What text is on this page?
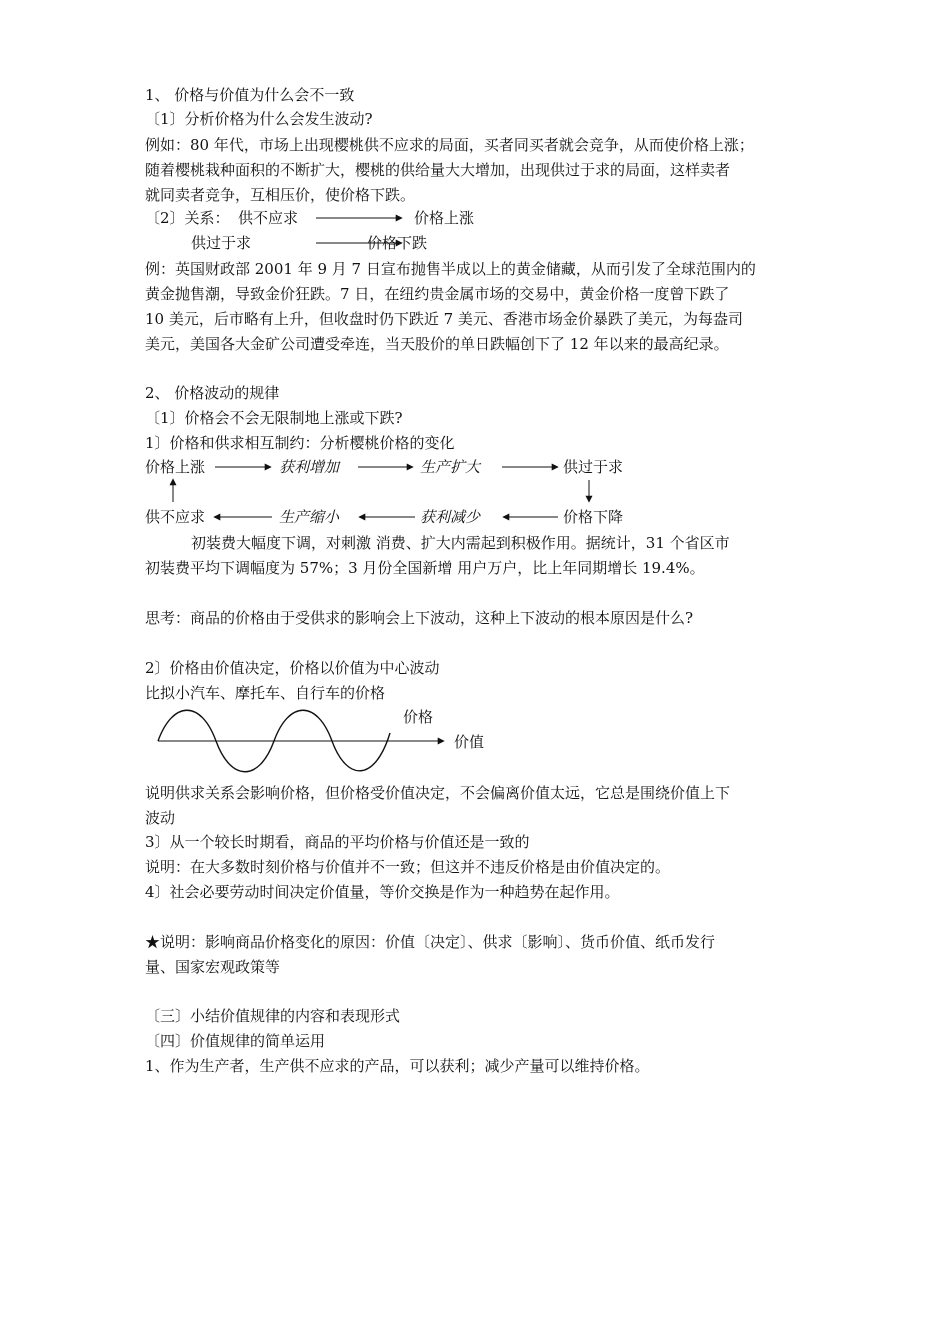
1、 价格与价值为什么会不一致

〔1〕分析价格为什么会发生波动?

例如：80 年代，市场上出现樱桃供不应求的局面，买者同买者就会竞争，从而使价格上涨；

随着樱桃栽种面积的不断扩大，樱桃的供给量大大增加，出现供过于求的局面，这样卖者

就同卖者竞争，互相压价，使价格下跌。

〔2〕关系： 供不应求	价格上涨
供过于求	价格下跌

例：英国财政部 2001 年 9 月 7 日宣布抛售半成以上的黄金储藏，从而引发了全球范围内的

黄金抛售潮，导致金价狂跌。7 日，在纽约贵金属市场的交易中，黄金价格一度曾下跌了

10 美元，后市略有上升，但收盘时仍下跌近 7 美元、香港市场金价暴跌了美元，为每盎司

美元，美国各大金矿公司遭受牵连，当天股价的单日跌幅创下了 12 年以来的最高纪录。

2、 价格波动的规律

〔1〕价格会不会无限制地上涨或下跌?

1〕价格和供求相互制约：分析樱桃价格的变化

价格上涨	获利增加	生产扩大	供过于求
供不应求	生产缩小	获利减少	价格下降

初装费大幅度下调，对刺激 消费、扩大内需起到积极作用。据统计，31 个省区市

初装费平均下调幅度为 57%；3 月份全国新增 用户万户，比上年同期增长 19.4%。

思考：商品的价格由于受供求的影响会上下波动，这种上下波动的根本原因是什么?

2〕价格由价值决定，价格以价值为中心波动

比拟小汽车、摩托车、自行车的价格

价格
价值

说明供求关系会影响价格，但价格受价值决定，不会偏离价值太远，它总是围绕价值上下

波动

3〕从一个较长时期看，商品的平均价格与价值还是一致的

说明：在大多数时刻价格与价值并不一致；但这并不违反价格是由价值决定的。

4〕社会必要劳动时间决定价值量，等价交换是作为一种趋势在起作用。

★说明：影响商品价格变化的原因：价值〔决定〕、供求〔影响〕、货币价值、纸币发行

量、国家宏观政策等

〔三〕小结价值规律的内容和表现形式

〔四〕价值规律的简单运用

1、作为生产者，生产供不应求的产品，可以获利；减少产量可以维持价格。
